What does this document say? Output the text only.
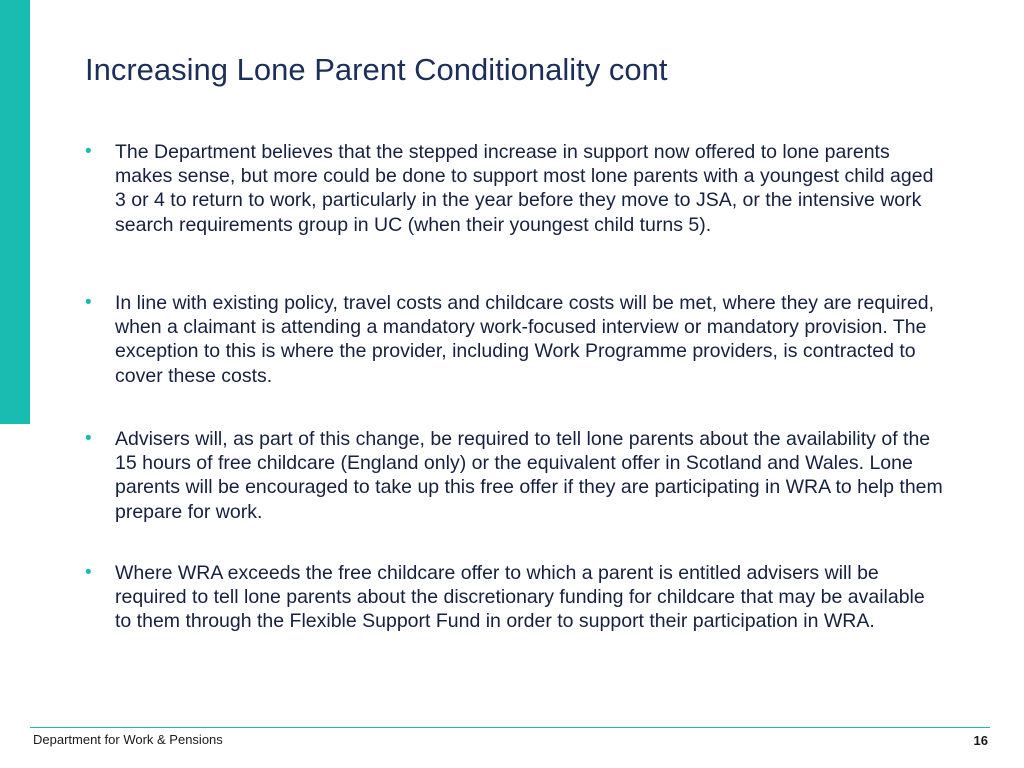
Increasing Lone Parent Conditionality cont
• The Department believes that the stepped increase in support now offered to lone parents makes sense, but more could be done to support most lone parents with a youngest child aged 3 or 4 to return to work, particularly in the year before they move to JSA, or the intensive work search requirements group in UC (when their youngest child turns 5).
• In line with existing policy, travel costs and childcare costs will be met, where they are required, when a claimant is attending a mandatory work-focused interview or mandatory provision. The exception to this is where the provider, including Work Programme providers, is contracted to cover these costs.
• Advisers will, as part of this change, be required to tell lone parents about the availability of the 15 hours of free childcare (England only) or the equivalent offer in Scotland and Wales. Lone parents will be encouraged to take up this free offer if they are participating in WRA to help them prepare for work.
• Where WRA exceeds the free childcare offer to which a parent is entitled advisers will be required to tell lone parents about the discretionary funding for childcare that may be available to them through the Flexible Support Fund in order to support their participation in WRA.
Department for Work & Pensions	16
